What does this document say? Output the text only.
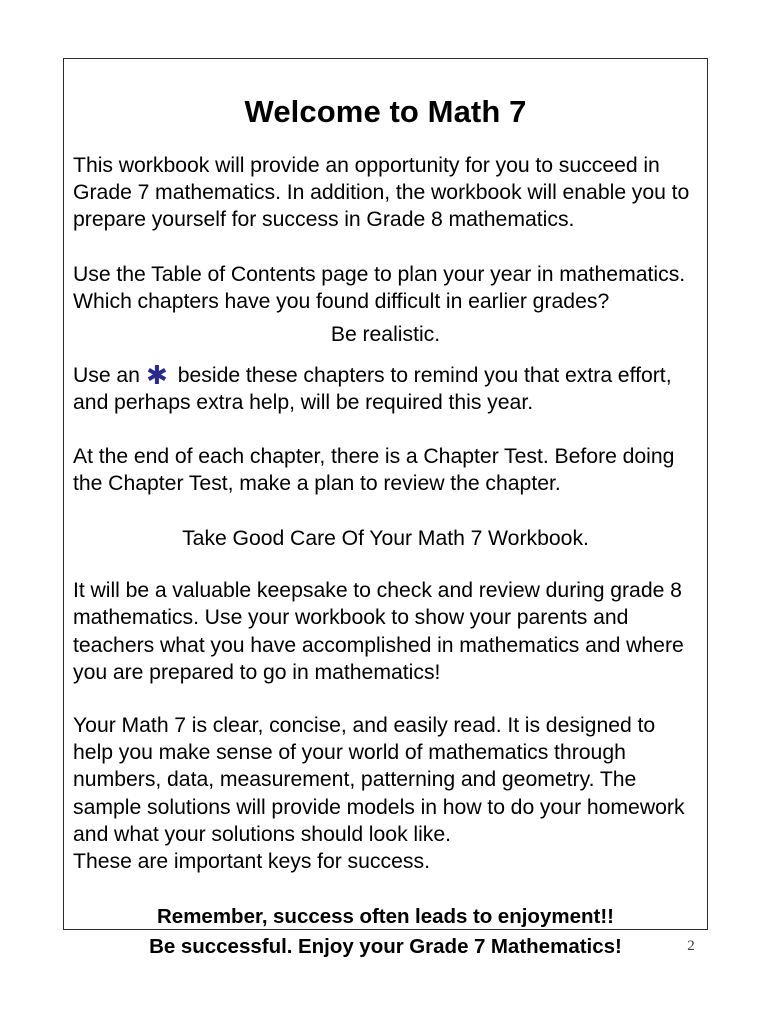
Welcome to Math 7

This workbook will provide an opportunity for you to succeed in Grade 7 mathematics. In addition, the workbook will enable you to prepare yourself for success in Grade 8 mathematics.

Use the Table of Contents page to plan your year in mathematics. Which chapters have you found difficult in earlier grades?

Be realistic.

Use an ✱ beside these chapters to remind you that extra effort, and perhaps extra help, will be required this year.

At the end of each chapter, there is a Chapter Test. Before doing the Chapter Test, make a plan to review the chapter.

Take Good Care Of Your Math 7 Workbook.

It will be a valuable keepsake to check and review during grade 8 mathematics. Use your workbook to show your parents and teachers what you have accomplished in mathematics and where you are prepared to go in mathematics!

Your Math 7 is clear, concise, and easily read. It is designed to help you make sense of your world of mathematics through numbers, data, measurement, patterning and geometry. The sample solutions will provide models in how to do your homework and what your solutions should look like.

These are important keys for success.

Remember, success often leads to enjoyment!!

Be successful. Enjoy your Grade 7 Mathematics!	2
